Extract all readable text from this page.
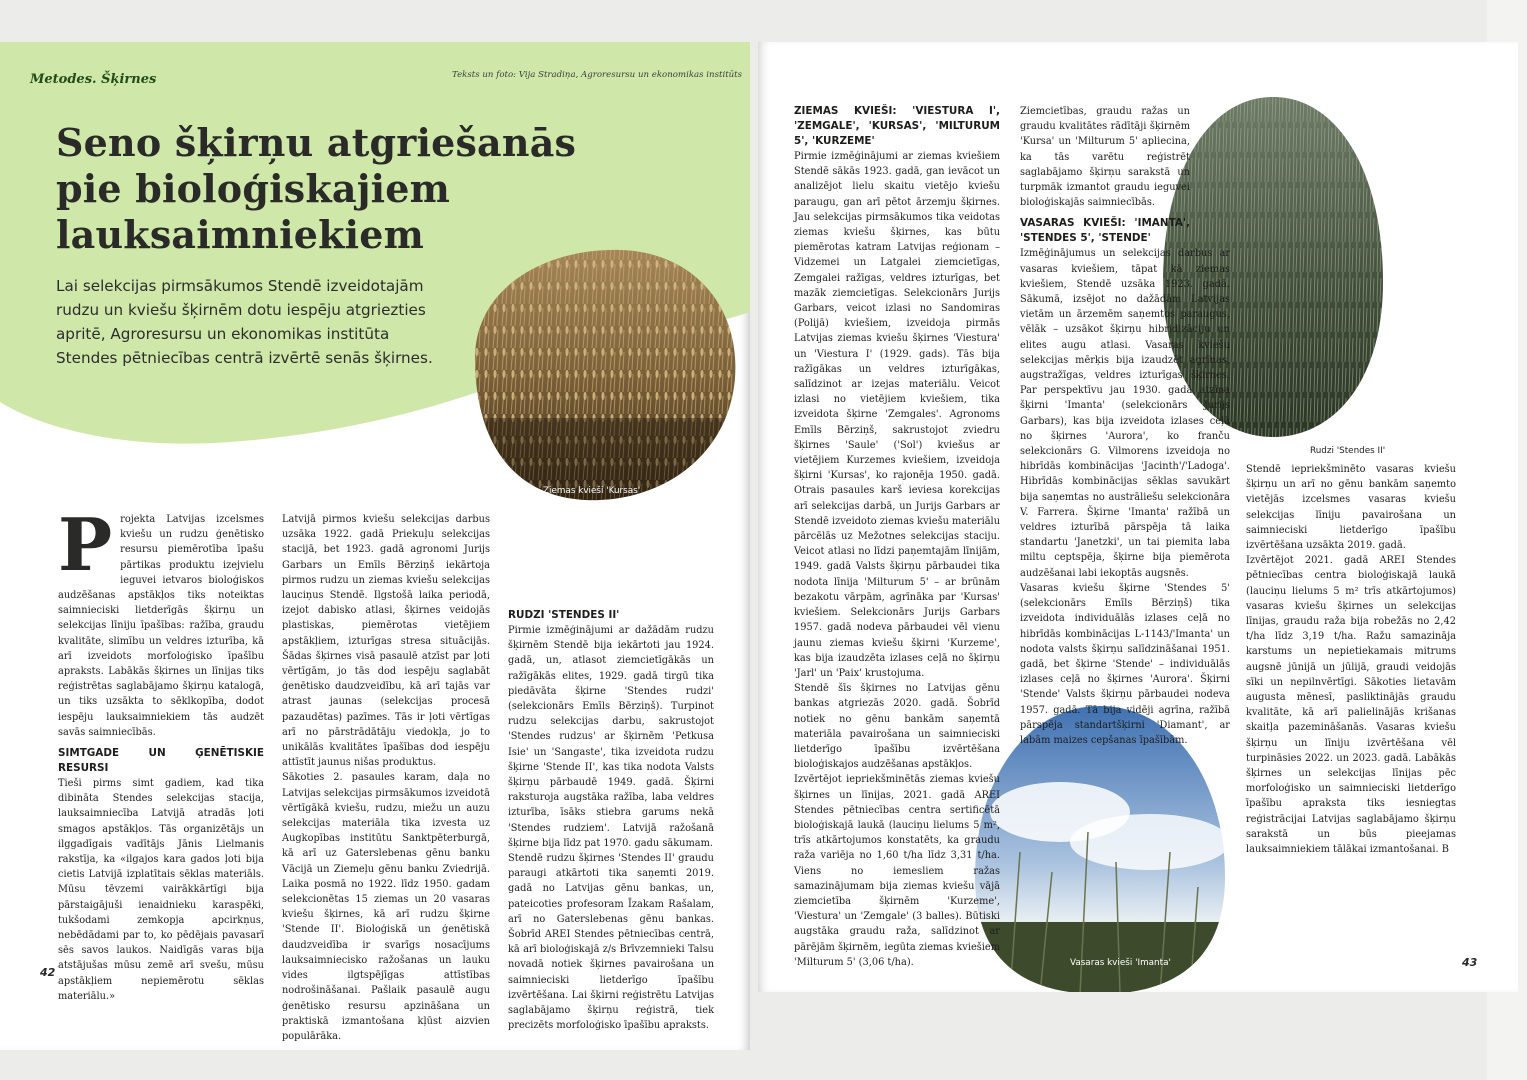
Metodes. Šķirnes	Teksts un foto: Vija Stradiņa, Agroresursu un ekonomikas institūts
Seno šķirņu atgriešanās
pie bioloģiskajiem
lauksaimniekiem
Lai selekcijas pirmsākumos Stendē izveidotajām rudzu un kviešu šķirnēm dotu iespēju atgriezties apritē, Agroresursu un ekonomikas institūta Stendes pētniecības centrā izvērtē senās šķirnes.
Ziemas kvieši 'Kursas'
P rojekta Latvijas izcelsmes kviešu un rudzu ģenētisko resursu piemērotība īpašu pārtikas produktu izejvielu ieguvei ietvaros bioloģiskos audzēšanas apstākļos tiks noteiktas saimnieciski lietderīgās šķirņu un selekcijas līniju īpašības: ražība, graudu kvalitāte, slimību un veldres izturība, kā arī izveidots morfoloģisko īpašību apraksts. Labākās šķirnes un līnijas tiks reģistrētas saglabājamo šķirņu katalogā, un tiks uzsākta to sēklkopība, dodot iespēju lauksaimniekiem tās audzēt savās saimniecībās.

SIMTGADE UN ĢENĒTISKIE RESURSI

Tieši pirms simt gadiem, kad tika dibināta Stendes selekcijas stacija, lauksaimniecība Latvijā atradās ļoti smagos apstākļos. Tās organizētājs un ilggadīgais vadītājs Jānis Lielmanis rakstīja, ka «ilgajos kara gados ļoti bija cietis Latvijā izplatītais sēklas materiāls. Mūsu tēvzemi vairākkārtīgi bija pārstaigājuši ienaidnieku karaspēki, tukšodami zemkopja apcirkņus, nebēdādami par to, ko pēdējais pavasarī sēs savos laukos. Naidīgās varas bija atstājušas mūsu zemē arī svešu, mūsu apstākļiem nepiemērotu sēklas materiālu.»

Latvijā pirmos kviešu selekcijas darbus uzsāka 1922. gadā Priekuļu selekcijas stacijā, bet 1923. gadā agronomi Jurijs Garbars un Emīls Bērziņš iekārtoja pirmos rudzu un ziemas kviešu selekcijas lauciņus Stendē. Ilgstošā laika periodā, izejot dabisko atlasi, šķirnes veidojās plastiskas, piemērotas vietējiem apstākļiem, izturīgas stresa situācijās. Šādas šķirnes visā pasaulē atzīst par ļoti vērtīgām, jo tās dod iespēju saglabāt ģenētisko daudzveidību, kā arī tajās var atrast jaunas (selekcijas procesā pazaudētas) pazīmes. Tās ir ļoti vērtīgas arī no pārstrādātāju viedokļa, jo to unikālās kvalitātes īpašības dod iespēju attīstīt jaunus nišas produktus.

Sākoties 2. pasaules karam, daļa no Latvijas selekcijas pirmsākumos izveidotā vērtīgākā kviešu, rudzu, miežu un auzu selekcijas materiāla tika izvesta uz Augkopības institūtu Sanktpēterburgā, kā arī uz Gaterslebenas gēnu banku Vācijā un Ziemeļu gēnu banku Zviedrijā. Laika posmā no 1922. līdz 1950. gadam selekcionētas 15 ziemas un 20 vasaras kviešu šķirnes, kā arī rudzu šķirne 'Stende II'. Bioloģiskā un ģenētiskā daudzveidība ir svarīgs nosacījums lauksaimniecisko ražošanas un lauku vides ilgtspējīgas attīstības nodrošināšanai. Pašlaik pasaulē augu ģenētisko resursu apzināšana un praktiskā izmantošana kļūst aizvien populārāka.

RUDZI 'STENDES II'

Pirmie izmēģinājumi ar dažādām rudzu šķirnēm Stendē bija iekārtoti jau 1924. gadā, un, atlasot ziemcietīgākās un ražīgākās elites, 1929. gadā tirgū tika piedāvāta šķirne 'Stendes rudzi' (selekcionārs Emīls Bērziņš). Turpinot rudzu selekcijas darbu, sakrustojot 'Stendes rudzus' ar šķirnēm 'Petkusa Isie' un 'Sangaste', tika izveidota rudzu šķirne 'Stende II', kas tika nodota Valsts šķirņu pārbaudē 1949. gadā. Šķirni raksturoja augstāka ražība, laba veldres izturība, īsāks stiebra garums nekā 'Stendes rudziem'. Latvijā ražošanā šķirne bija līdz pat 1970. gadu sākumam.

Stendē rudzu šķirnes 'Stendes II' graudu paraugi atkārtoti tika saņemti 2019. gadā no Latvijas gēnu bankas, un, pateicoties profesoram Īzakam Rašalam, arī no Gaterslebenas gēnu bankas. Šobrīd AREI Stendes pētniecības centrā, kā arī bioloģiskajā z/s Brīvzemnieki Talsu novadā notiek šķirnes pavairošana un saimnieciski lietderīgo īpašību izvērtēšana. Lai šķirni reģistrētu Latvijas saglabājamo šķirņu reģistrā, tiek precizēts morfoloģisko īpašību apraksts.

42
Rudzi 'Stendes II'
Vasaras kvieši 'Imanta'
ZIEMAS KVIEŠI: 'VIESTURA I', 'ZEMGALE', 'KURSAS', 'MILTURUM 5', 'KURZEME'

Pirmie izmēģinājumi ar ziemas kviešiem Stendē sākās 1923. gadā, gan ievācot un analizējot lielu skaitu vietējo kviešu paraugu, gan arī pētot ārzemju šķirnes. Jau selekcijas pirmsākumos tika veidotas ziemas kviešu šķirnes, kas būtu piemērotas katram Latvijas reģionam – Vidzemei un Latgalei ziemcietīgas, Zemgalei ražīgas, veldres izturīgas, bet mazāk ziemcietīgas. Selekcionārs Jurijs Garbars, veicot izlasi no Sandomiras (Polijā) kviešiem, izveidoja pirmās Latvijas ziemas kviešu šķirnes 'Viestura' un 'Viestura I' (1929. gads). Tās bija ražīgākas un veldres izturīgākas, salīdzinot ar izejas materiālu. Veicot izlasi no vietējiem kviešiem, tika izveidota šķirne 'Zemgales'. Agronoms Emīls Bērziņš, sakrustojot zviedru šķirnes 'Saule' ('Sol') kviešus ar vietējiem Kurzemes kviešiem, izveidoja šķirni 'Kursas', ko rajonēja 1950. gadā. Otrais pasaules karš ieviesa korekcijas arī selekcijas darbā, un Jurijs Garbars ar Stendē izveidoto ziemas kviešu materiālu pārcēlās uz Mežotnes selekcijas staciju. Veicot atlasi no līdzi paņemtajām līnijām, 1949. gadā Valsts šķirņu pārbaudei tika nodota līnija 'Milturum 5' – ar brūnām bezakotu vārpām, agrīnāka par 'Kursas' kviešiem. Selekcionārs Jurijs Garbars 1957. gadā nodeva pārbaudei vēl vienu jaunu ziemas kviešu šķirni 'Kurzeme', kas bija izaudzēta izlases ceļā no šķirņu 'Jarl' un 'Paix' krustojuma.

Stendē šīs šķirnes no Latvijas gēnu bankas atgriezās 2020. gadā. Šobrīd notiek no gēnu bankām saņemtā materiāla pavairošana un saimnieciski lietderīgo īpašību izvērtēšana bioloģiskajos audzēšanas apstākļos.

Izvērtējot iepriekšminētās ziemas kviešu šķirnes un līnijas, 2021. gadā AREI Stendes pētniecības centra sertificētā bioloģiskajā laukā (lauciņu lielums 5 m², trīs atkārtojumos konstatēts, ka graudu raža variēja no 1,60 t/ha līdz 3,31 t/ha. Viens no iemesliem ražas samazinājumam bija ziemas kviešu vājā ziemcietība šķirnēm 'Kurzeme', 'Viestura' un 'Zemgale' (3 balles). Būtiski augstāka graudu raža, salīdzinot ar pārējām šķirnēm, iegūta ziemas kviešiem 'Milturum 5' (3,06 t/ha).

Ziemcietības, graudu ražas un graudu kvalitātes rādītāji šķirnēm 'Kursa' un 'Milturum 5' apliecina, ka tās varētu reģistrēt saglabājamo šķirņu sarakstā un turpmāk izmantot graudu ieguvei bioloģiskajās saimniecībās.

VASARAS KVIEŠI: 'IMANTA', 'STENDES 5', 'STENDE'

Izmēģinājumus un selekcijas darbus ar vasaras kviešiem, tāpat kā ziemas kviešiem, Stendē uzsāka 1923. gadā. Sākumā, izsējot no dažādām Latvijas vietām un ārzemēm saņemtos paraugus, vēlāk – uzsākot šķirņu hibridizāciju un elites augu atlasi. Vasaras kviešu selekcijas mērķis bija izaudzēt agrīnas, augstražīgas, veldres izturīgas šķirnes. Par perspektīvu jau 1930. gadā atzīna šķirni 'Imanta' (selekcionārs Jurijs Garbars), kas bija izveidota izlases ceļā no šķirnes 'Aurora', ko franču selekcionārs G. Vilmorens izveidoja no hibrīdās kombinācijas 'Jacinth'/'Ladoga'. Hibrīdās kombinācijas sēklas savukārt bija saņemtas no austrāliešu selekcionāra V. Farrera. Šķirne 'Imanta' ražībā un veldres izturībā pārspēja tā laika standartu 'Janetzki', un tai piemita laba miltu ceptspēja, šķirne bija piemērota audzēšanai labi iekoptās augsnēs.

Vasaras kviešu šķirne 'Stendes 5' (selekcionārs Emīls Bērziņš) tika izveidota individuālās izlases ceļā no hibrīdās kombinācijas L-1143/'Imanta' un nodota valsts šķirņu salīdzināšanai 1951. gadā, bet šķirne 'Stende' – individuālās izlases ceļā no šķirnes 'Aurora'. Šķirni 'Stende' Valsts šķirņu pārbaudei nodeva 1957. gadā. Tā bija vidēji agrīna, ražībā pārspēja standartšķirni 'Diamant', ar labām maizes cepšanas īpašībām.

Stendē iepriekšminēto vasaras kviešu šķirņu un arī no gēnu bankām saņemto vietējās izcelsmes vasaras kviešu selekcijas līniju pavairošana un saimnieciski lietderīgo īpašību izvērtēšana uzsākta 2019. gadā.

Izvērtējot 2021. gadā AREI Stendes pētniecības centra bioloģiskajā laukā (lauciņu lielums 5 m² trīs atkārtojumos) vasaras kviešu šķirnes un selekcijas līnijas, graudu raža bija robežās no 2,42 t/ha līdz 3,19 t/ha. Ražu samazināja karstums un nepietiekamais mitrums augsnē jūnijā un jūlijā, graudi veidojās sīki un nepilnvērtīgi. Sākoties lietavām augusta mēnesī, pasliktinājās graudu kvalitāte, kā arī palielinājās krišanas skaitļa pazemināšanās. Vasaras kviešu šķirņu un līniju izvērtēšana vēl turpināsies 2022. un 2023. gadā. Labākās šķirnes un selekcijas līnijas pēc morfoloģisko un saimnieciski lietderīgo īpašību apraksta tiks iesniegtas reģistrācijai Latvijas saglabājamo šķirņu sarakstā un būs pieejamas lauksaimniekiem tālākai izmantošanai. B

43
